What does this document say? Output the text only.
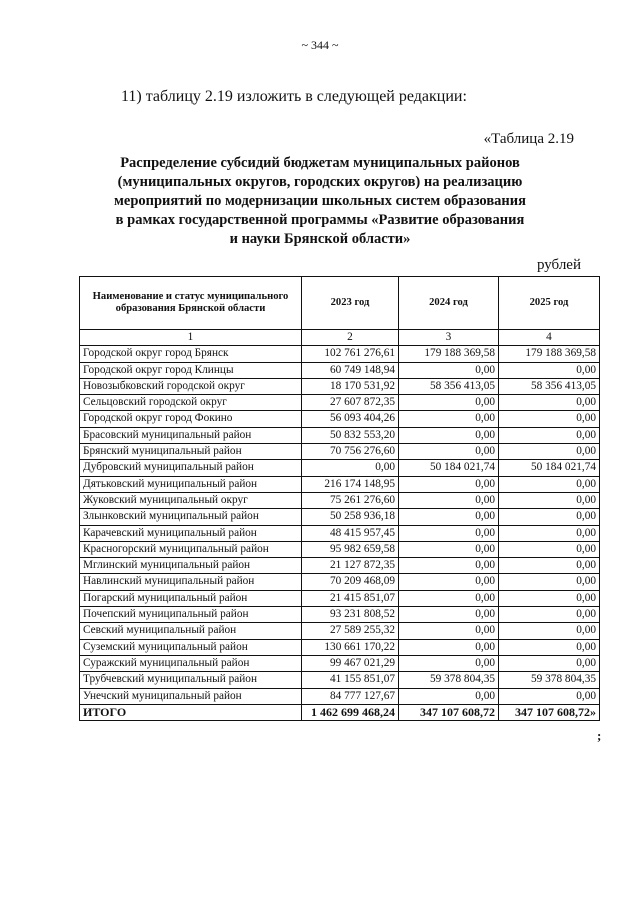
~ 344 ~
11) таблицу 2.19 изложить в следующей редакции:
«Таблица 2.19
Распределение субсидий бюджетам муниципальных районов
(муниципальных округов, городских округов) на реализацию
мероприятий по модернизации школьных систем образования
в рамках государственной программы «Развитие образования
и науки Брянской области»
рублей
Наименование и статус муниципального образования Брянской области	2023 год	2024 год	2025 год
1	2	3	4
Городской округ город Брянск	102 761 276,61	179 188 369,58	179 188 369,58
Городской округ город Клинцы	60 749 148,94	0,00	0,00
Новозыбковский городской округ	18 170 531,92	58 356 413,05	58 356 413,05
Сельцовский городской округ	27 607 872,35	0,00	0,00
Городской округ город Фокино	56 093 404,26	0,00	0,00
Брасовский муниципальный район	50 832 553,20	0,00	0,00
Брянский муниципальный район	70 756 276,60	0,00	0,00
Дубровский муниципальный район	0,00	50 184 021,74	50 184 021,74
Дятьковский муниципальный район	216 174 148,95	0,00	0,00
Жуковский муниципальный округ	75 261 276,60	0,00	0,00
Злынковский муниципальный район	50 258 936,18	0,00	0,00
Карачевский муниципальный район	48 415 957,45	0,00	0,00
Красногорский муниципальный район	95 982 659,58	0,00	0,00
Мглинский муниципальный район	21 127 872,35	0,00	0,00
Навлинский муниципальный район	70 209 468,09	0,00	0,00
Погарский муниципальный район	21 415 851,07	0,00	0,00
Почепский муниципальный район	93 231 808,52	0,00	0,00
Севский муниципальный район	27 589 255,32	0,00	0,00
Суземский муниципальный район	130 661 170,22	0,00	0,00
Суражский муниципальный район	99 467 021,29	0,00	0,00
Трубчевский муниципальный район	41 155 851,07	59 378 804,35	59 378 804,35
Унечский муниципальный район	84 777 127,67	0,00	0,00
ИТОГО	1 462 699 468,24	347 107 608,72	347 107 608,72»
;
